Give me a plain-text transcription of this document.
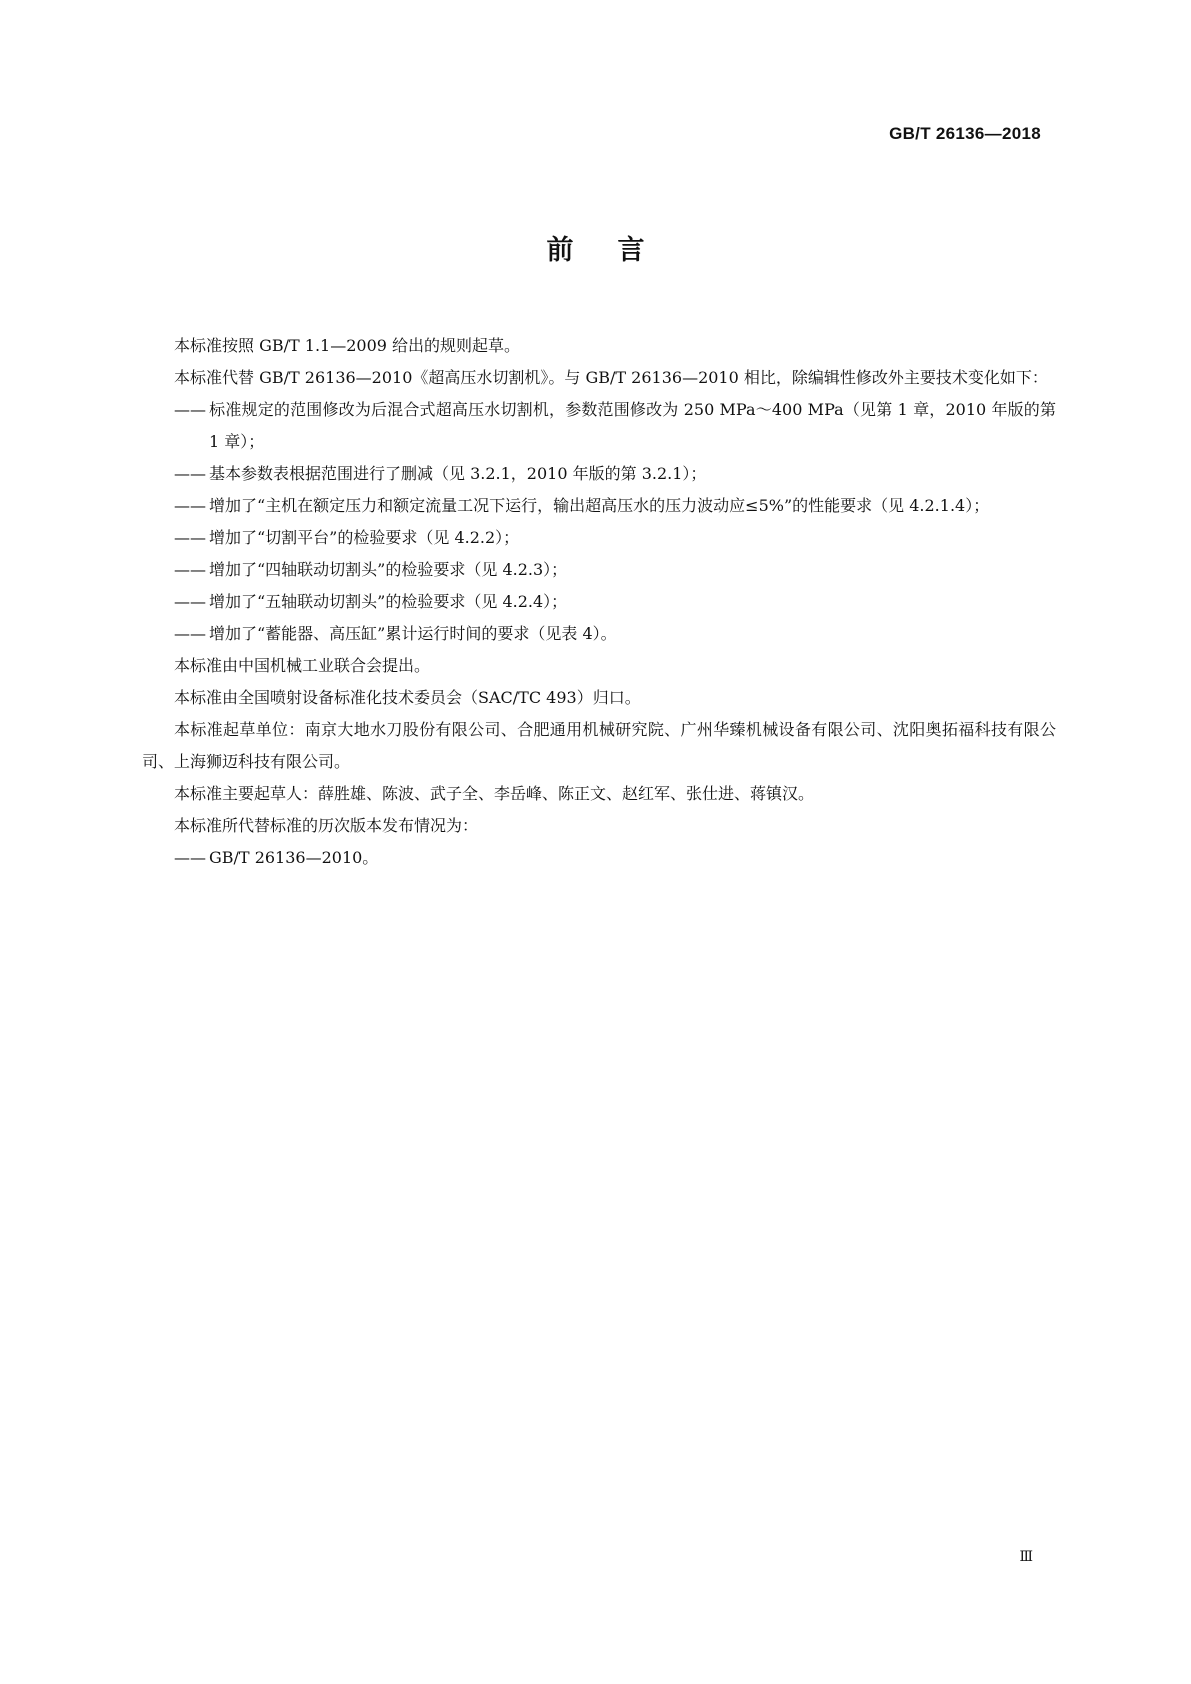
GB/T 26136—2018
前言

本标准按照 GB/T 1.1—2009 给出的规则起草。

本标准代替 GB/T 26136—2010《超高压水切割机》。与 GB/T 26136—2010 相比，除编辑性修改外主要技术变化如下：

—— 标准规定的范围修改为后混合式超高压水切割机，参数范围修改为 250 MPa～400 MPa（见第 1 章，2010 年版的第 1 章）；

—— 基本参数表根据范围进行了删减（见 3.2.1，2010 年版的第 3.2.1）；

—— 增加了“主机在额定压力和额定流量工况下运行，输出超高压水的压力波动应≤5%”的性能要求（见 4.2.1.4）；

—— 增加了“切割平台”的检验要求（见 4.2.2）；

—— 增加了“四轴联动切割头”的检验要求（见 4.2.3）；

—— 增加了“五轴联动切割头”的检验要求（见 4.2.4）；

—— 增加了“蓄能器、高压缸”累计运行时间的要求（见表 4）。

本标准由中国机械工业联合会提出。

本标准由全国喷射设备标准化技术委员会（SAC/TC 493）归口。

本标准起草单位：南京大地水刀股份有限公司、合肥通用机械研究院、广州华臻机械设备有限公司、沈阳奥拓福科技有限公司、上海狮迈科技有限公司。

本标准主要起草人：薛胜雄、陈波、武子全、李岳峰、陈正文、赵红军、张仕进、蒋镇汉。

本标准所代替标准的历次版本发布情况为：

—— GB/T 26136—2010。

Ⅲ
